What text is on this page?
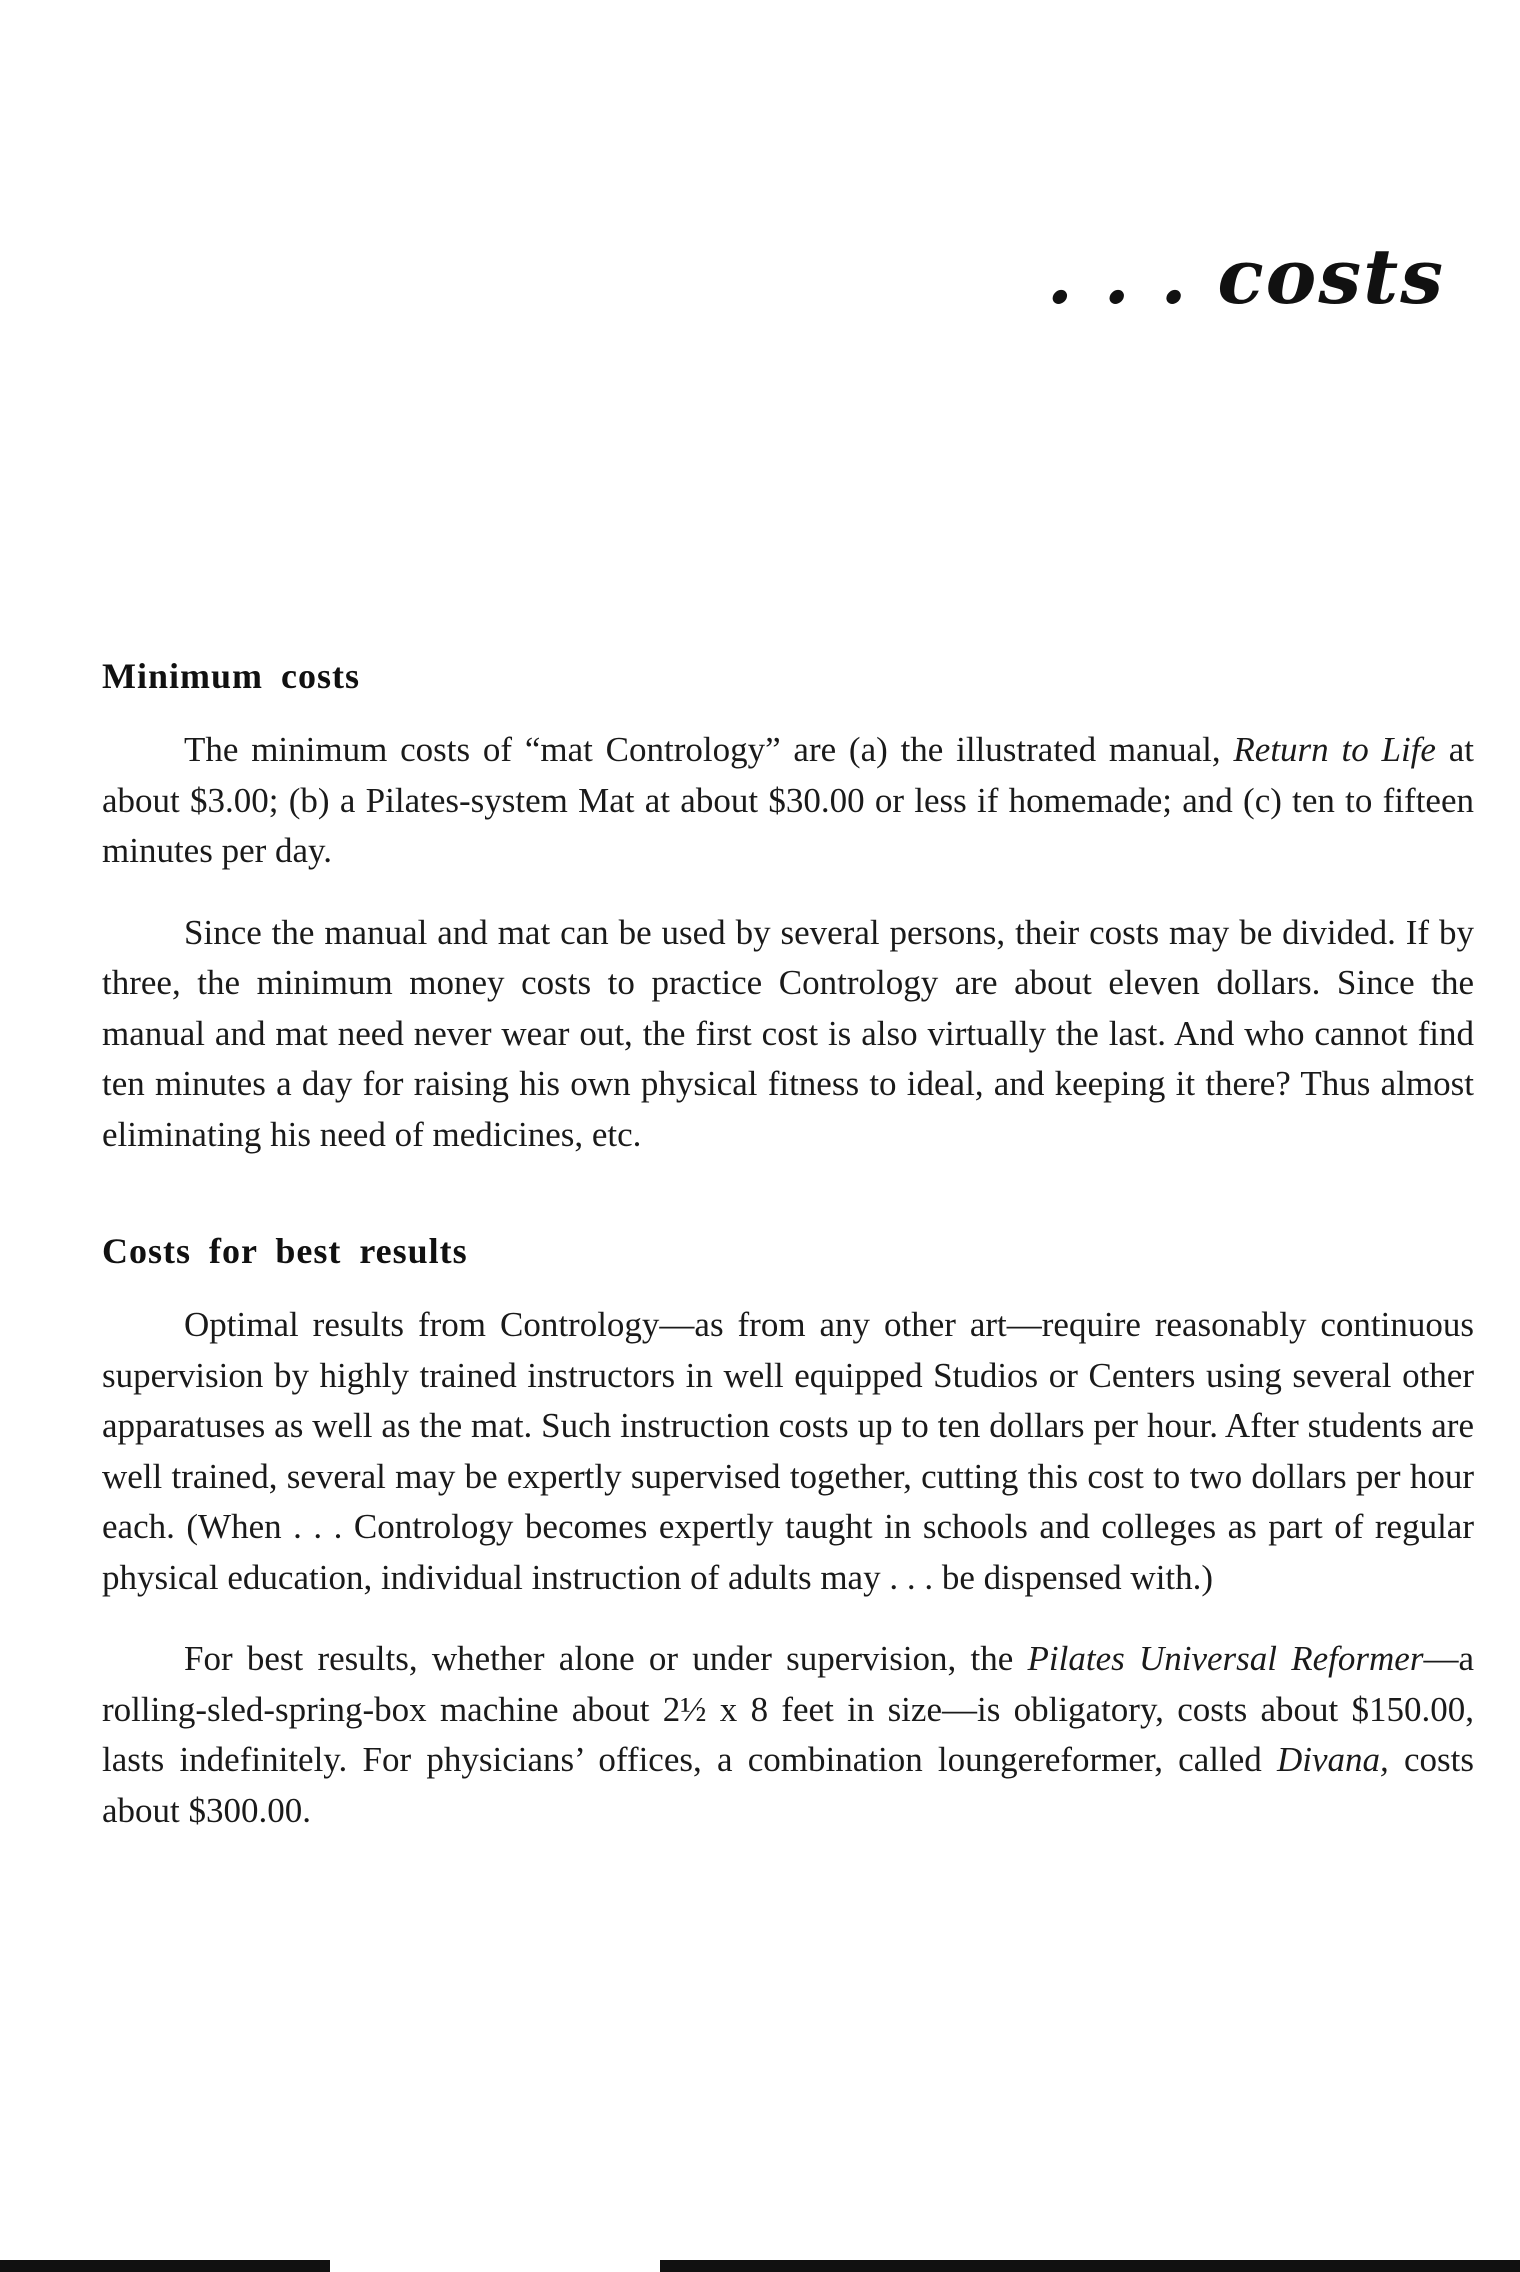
. . . costs
Minimum costs

The minimum costs of “mat Contrology” are (a) the illustrated manual, Return to Life at about $3.00; (b) a Pilates-system Mat at about $30.00 or less if homemade; and (c) ten to fifteen minutes per day.

Since the manual and mat can be used by several persons, their costs may be divided. If by three, the minimum money costs to practice Contrology are about eleven dollars. Since the manual and mat need never wear out, the first cost is also virtually the last. And who cannot find ten minutes a day for raising his own physical fitness to ideal, and keeping it there? Thus almost eliminating his need of medicines, etc.

Costs for best results

Optimal results from Contrology—as from any other art—require reasonably continuous supervision by highly trained instructors in well equipped Studios or Centers using several other apparatuses as well as the mat. Such instruction costs up to ten dollars per hour. After students are well trained, several may be expertly supervised together, cutting this cost to two dollars per hour each. (When . . . Contrology becomes expertly taught in schools and colleges as part of regular physical education, individual instruction of adults may . . . be dispensed with.)

For best results, whether alone or under supervision, the Pilates Universal Reformer—a rolling-sled-spring-box machine about 2½ x 8 feet in size—is obligatory, costs about $150.00, lasts indefinitely. For physicians’ offices, a combination loungereformer, called Divana, costs about $300.00.
